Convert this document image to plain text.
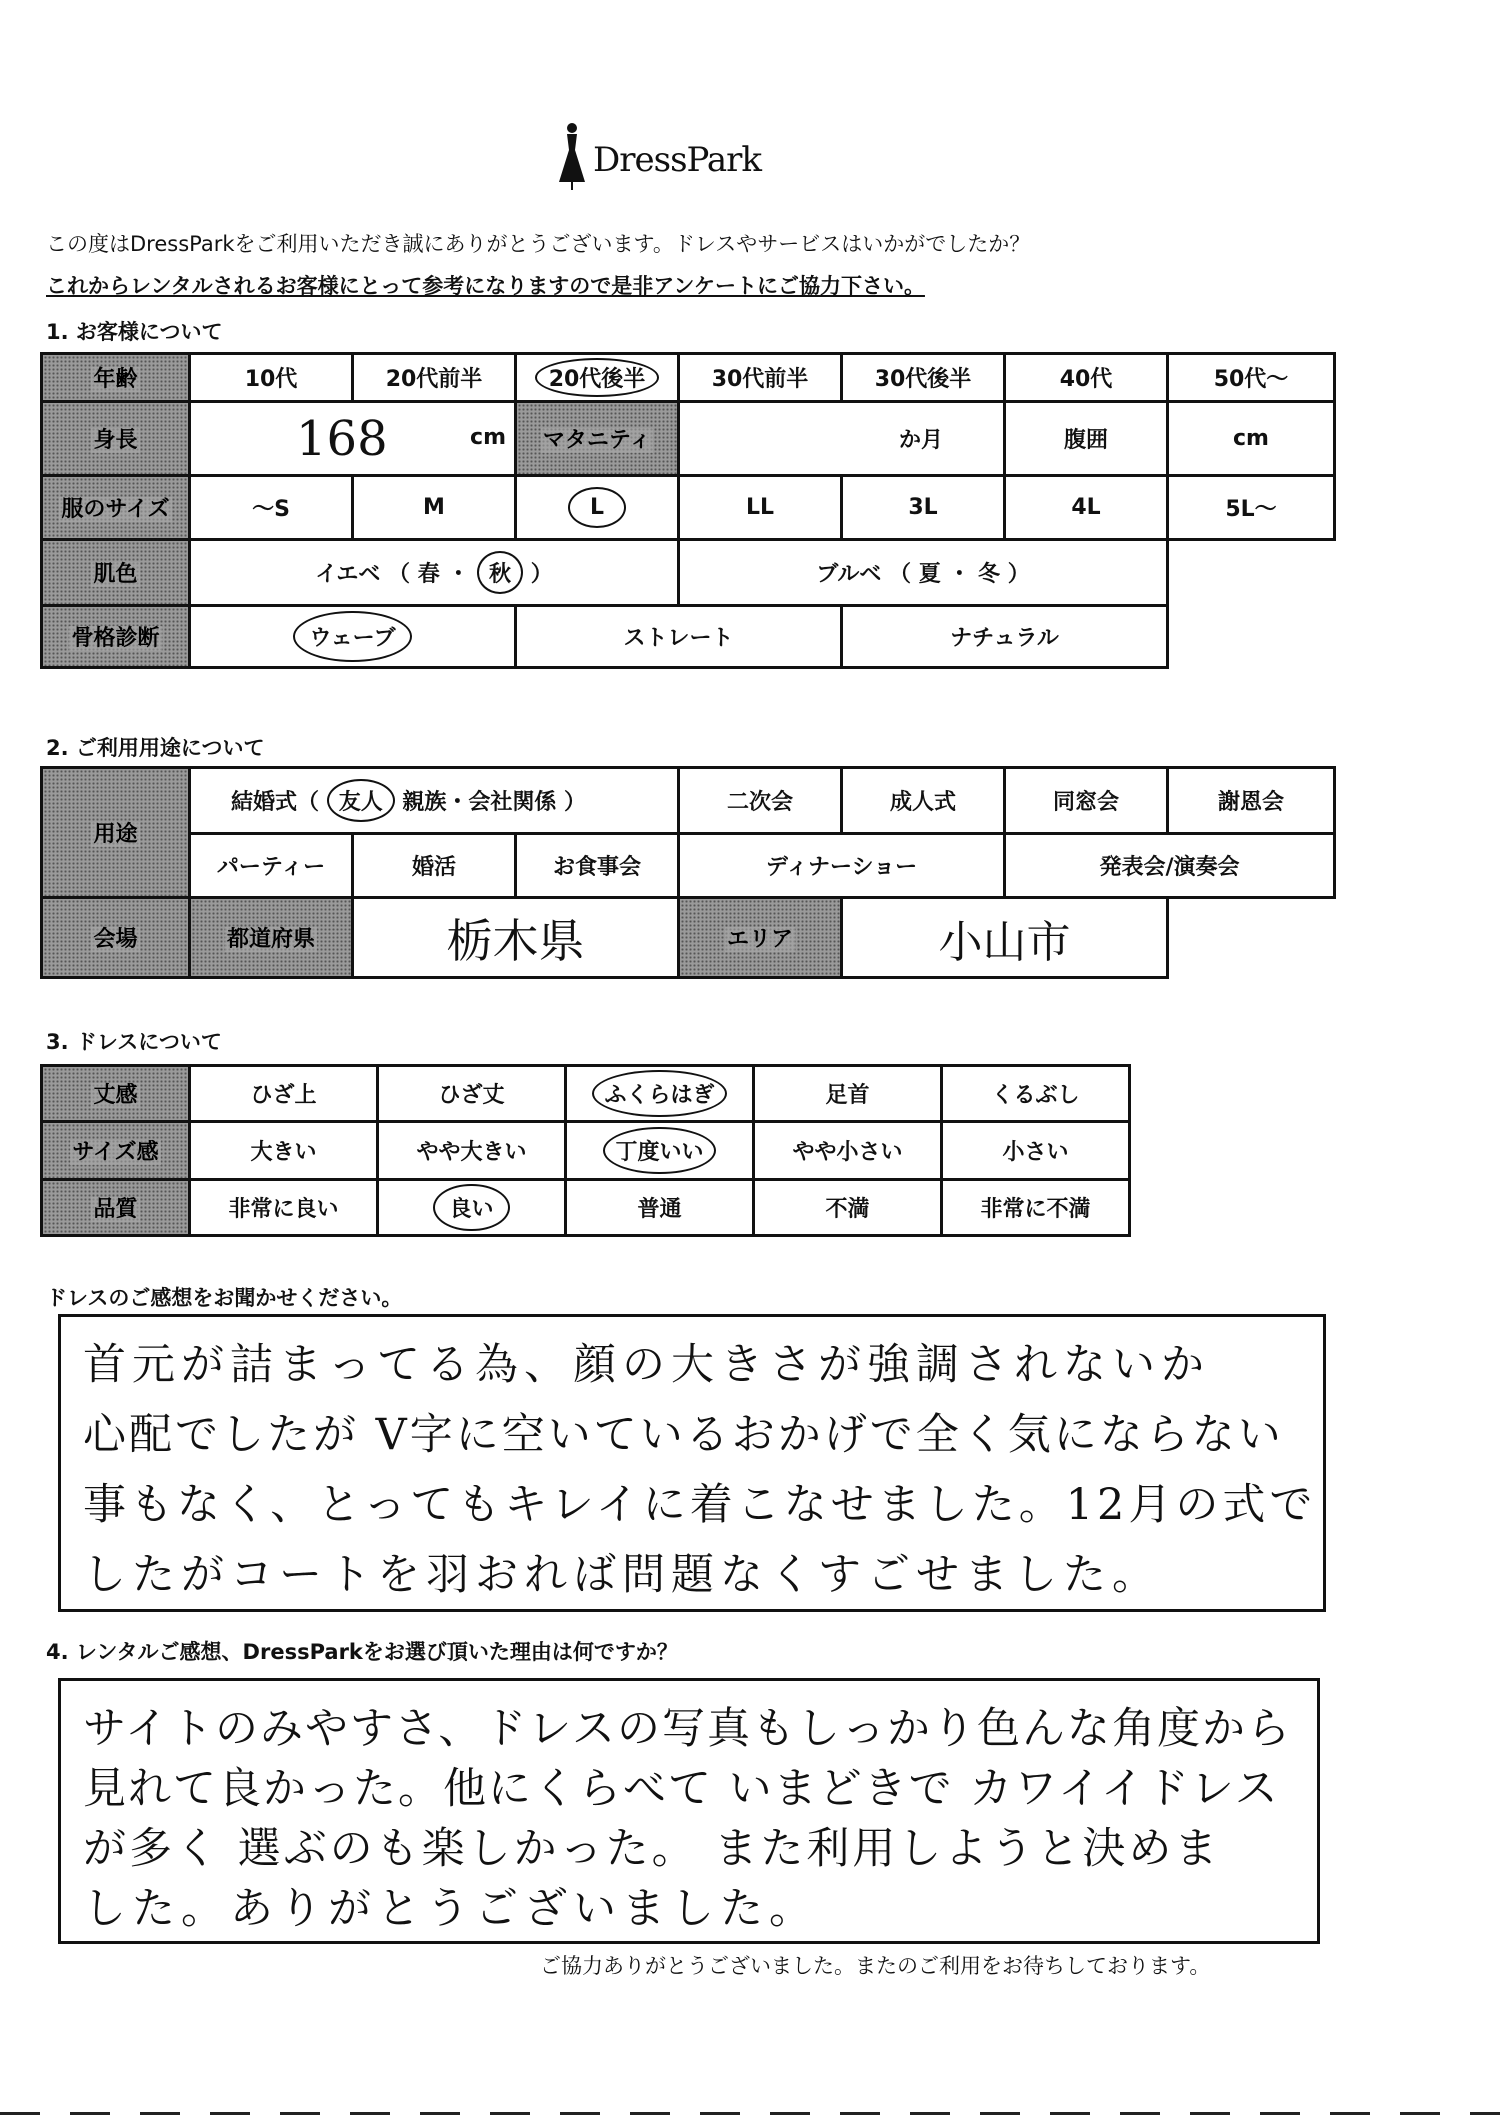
DressPark
この度はDressParkをご利用いただき誠にありがとうございます。ドレスやサービスはいかがでしたか？
これからレンタルされるお客様にとって参考になりますので是非アンケートにご協力下さい。
1. お客様について
年齢	10代	20代前半	20代後半	30代前半	30代後半	40代	50代～
身長	168 cm		マタニティ	か月		腹囲	cm
服のサイズ	～S	M	L	LL	3L	4L	5L～
肌色	イエベ （ 春 ・ 秋 ）			ブルベ （ 夏 ・ 冬 ）			
骨格診断	ウェーブ		ストレート		ナチュラル		
2. ご利用用途について
用途	結婚式（ 友人 親族・会社関係 ）			二次会	成人式	同窓会	謝恩会
	パーティー	婚活	お食事会	ディナーショー		発表会/演奏会	
会場	都道府県	栃木県		エリア	小山市		
3. ドレスについて
丈感	ひざ上	ひざ丈	ふくらはぎ	足首	くるぶし
サイズ感	大きい	やや大きい	丁度いい	やや小さい	小さい
品質	非常に良い	良い	普通	不満	非常に不満
ドレスのご感想をお聞かせください。
首元が詰まってる為、顔の大きさが強調されないか
心配でしたが V字に空いているおかげで全く気にならない
事もなく、とってもキレイに着こなせました。12月の式で
したがコートを羽おれば問題なくすごせました。
4. レンタルご感想、DressParkをお選び頂いた理由は何ですか？
サイトのみやすさ、ドレスの写真もしっかり色んな角度から
見れて良かった。他にくらべて いまどきで カワイイドレス
が多く 選ぶのも楽しかった。 また利用しようと決めま
した。ありがとうございました。
ご協力ありがとうございました。またのご利用をお待ちしております。
